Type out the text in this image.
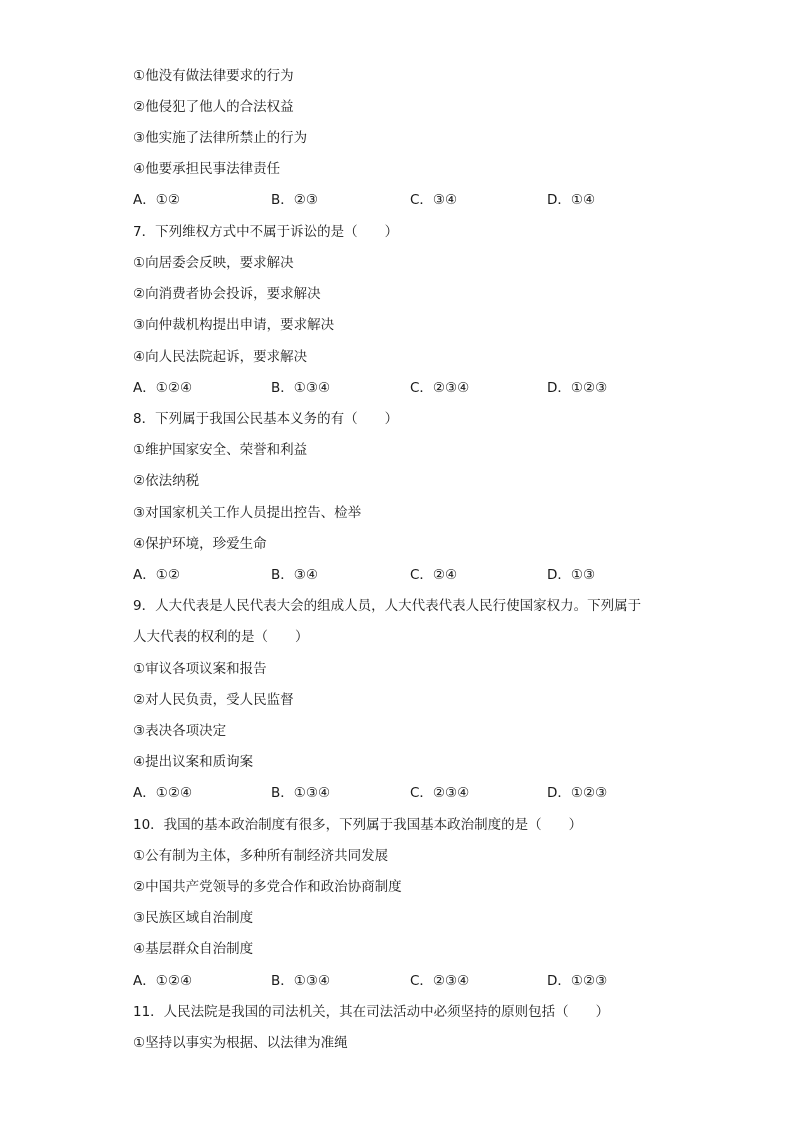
①他没有做法律要求的行为
②他侵犯了他人的合法权益
③他实施了法律所禁止的行为
④他要承担民事法律责任
A．①②	B．②③	C．③④	D．①④
7．下列维权方式中不属于诉讼的是（　　）
①向居委会反映，要求解决
②向消费者协会投诉，要求解决
③向仲裁机构提出申请，要求解决
④向人民法院起诉，要求解决
A．①②④	B．①③④	C．②③④	D．①②③
8．下列属于我国公民基本义务的有（　　）
①维护国家安全、荣誉和利益
②依法纳税
③对国家机关工作人员提出控告、检举
④保护环境，珍爱生命
A．①②	B．③④	C．②④	D．①③
9．人大代表是人民代表大会的组成人员，人大代表代表人民行使国家权力。下列属于
人大代表的权利的是（　　）
①审议各项议案和报告
②对人民负责，受人民监督
③表决各项决定
④提出议案和质询案
A．①②④	B．①③④	C．②③④	D．①②③
10．我国的基本政治制度有很多，下列属于我国基本政治制度的是（　　）
①公有制为主体，多种所有制经济共同发展
②中国共产党领导的多党合作和政治协商制度
③民族区域自治制度
④基层群众自治制度
A．①②④	B．①③④	C．②③④	D．①②③
11．人民法院是我国的司法机关，其在司法活动中必须坚持的原则包括（　　）
①坚持以事实为根据、以法律为准绳
